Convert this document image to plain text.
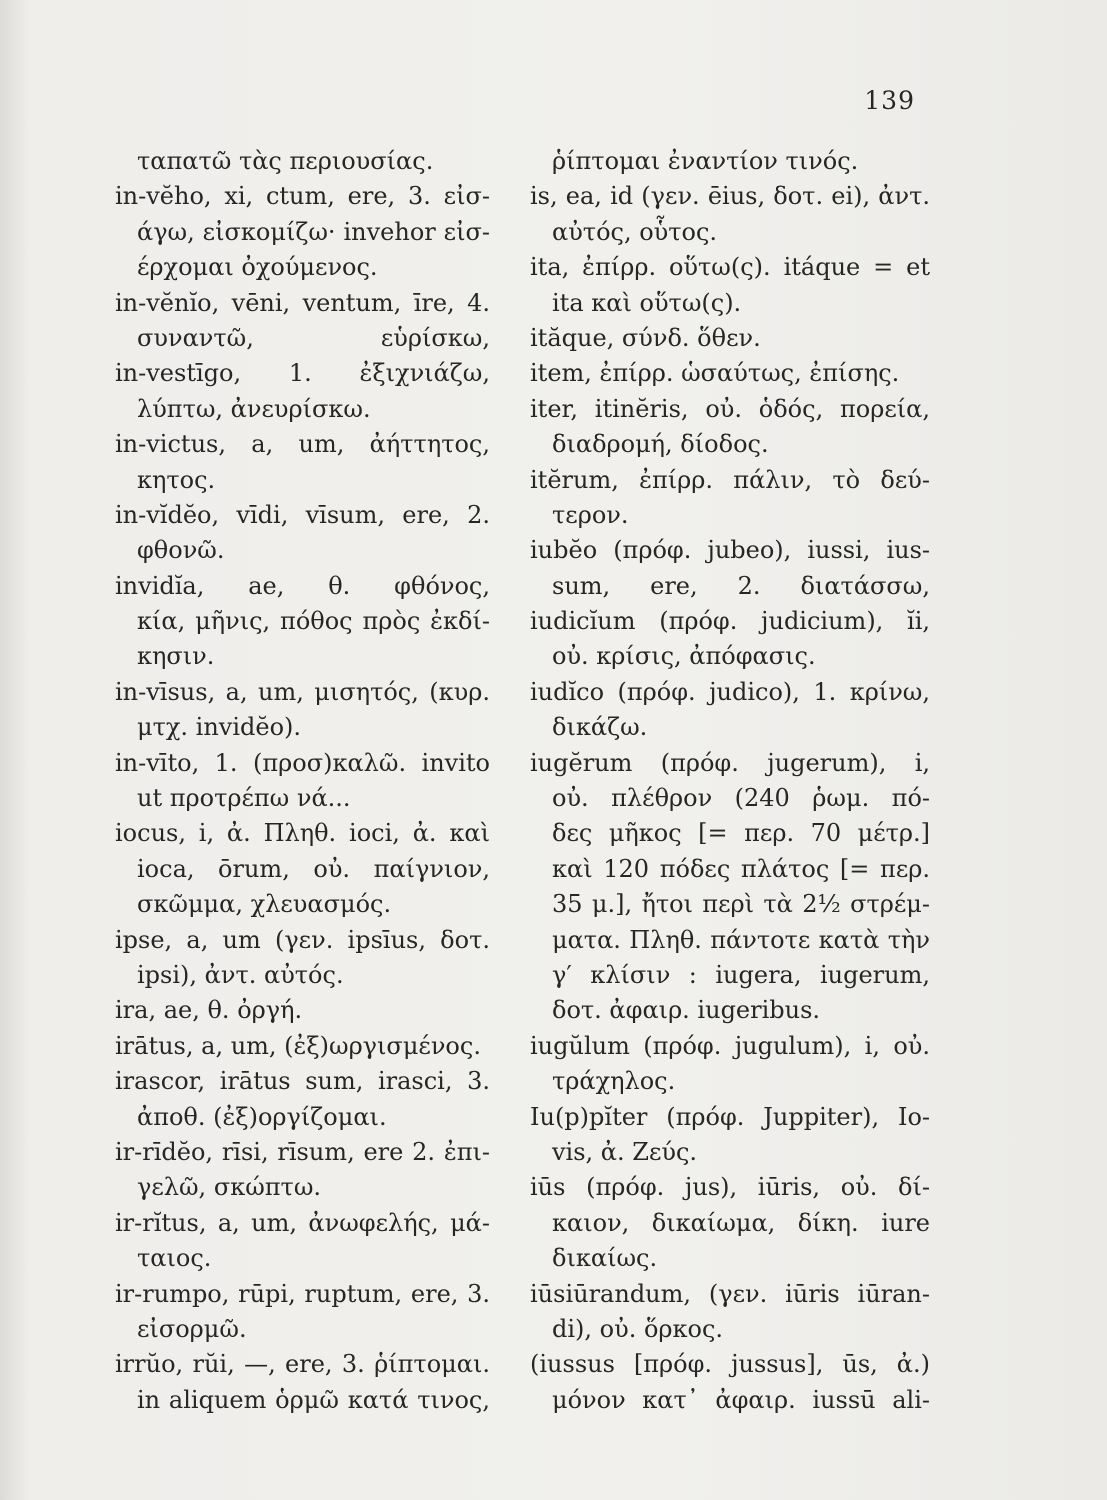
139
ταπατῶ τὰς περιουσίας.
in-vĕho, xi, ctum, ere, 3. εἰσ-
άγω, εἰσκομίζω· invehor εἰσ-
έρχομαι ὀχούμενος.
in-vĕnĭo, vēni, ventum, īre, 4.
συναντῶ, εὑρίσκω,
in-vestīgo, 1. ἐξιχνιάζω,
λύπτω, ἀνευρίσκω.
in-victus, a, um, ἀήττητος,
κητος.
in-vĭdĕo, vīdi, vīsum, ere, 2.
φθονῶ.
invidĭa, ae, θ. φθόνος,
κία, μῆνις, πόθος πρὸς ἐκδί-
κησιν.
in-vīsus, a, um, μισητός, (κυρ.
μτχ. invidĕo).
in-vīto, 1. (προσ)καλῶ. invito
ut προτρέπω νά...
iocus, i, ἀ. Πληθ. ioci, ἀ. καὶ
ioca, ōrum, οὐ. παίγνιον,
σκῶμμα, χλευασμός.
ipse, a, um (γεν. ipsīus, δοτ.
ipsi), ἀντ. αὐτός.
ira, ae, θ. ὀργή.
irātus, a, um, (ἐξ)ωργισμένος.
irascor, irātus sum, irasci, 3.
ἀποθ. (ἐξ)οργίζομαι.
ir-rīdĕo, rīsi, rīsum, ere 2. ἐπι-
γελῶ, σκώπτω.
ir-rĭtus, a, um, ἀνωφελής, μά-
ταιος.
ir-rumpo, rūpi, ruptum, ere, 3.
εἰσορμῶ.
irrŭo, rŭi, —, ere, 3. ῥίπτομαι.
in aliquem ὁρμῶ κατά τινος,
ῥίπτομαι ἐναντίον τινός.
is, ea, id (γεν. ēius, δοτ. ei), ἀντ.
αὐτός, οὗτος.
ita, ἐπίρρ. οὕτω(ς). itáque = et
ita καὶ οὕτω(ς).
ităque, σύνδ. ὅθεν.
item, ἐπίρρ. ὡσαύτως, ἐπίσης.
iter, itinĕris, οὐ. ὁδός, πορεία,
διαδρομή, δίοδος.
itĕrum, ἐπίρρ. πάλιν, τὸ δεύ-
τερον.
iubĕo (πρόφ. jubeo), iussi, ius-
sum, ere, 2. διατάσσω,
iudicĭum (πρόφ. judicium), ĭi,
οὐ. κρίσις, ἀπόφασις.
iudĭco (πρόφ. judico), 1. κρίνω,
δικάζω.
iugĕrum (πρόφ. jugerum), i,
οὐ. πλέθρον (240 ῥωμ. πό-
δες μῆκος [= περ. 70 μέτρ.]
καὶ 120 πόδες πλάτος [= περ.
35 μ.], ἤτοι περὶ τὰ 2½ στρέμ-
ματα. Πληθ. πάντοτε κατὰ τὴν
γ′ κλίσιν : iugera, iugerum,
δοτ. ἀφαιρ. iugeribus.
iugŭlum (πρόφ. jugulum), i, οὐ.
τράχηλος.
Iu(p)pĭter (πρόφ. Juppiter), Io-
vis, ἀ. Ζεύς.
iūs (πρόφ. jus), iūris, οὐ. δί-
καιον, δικαίωμα, δίκη. iure
δικαίως.
iūsiūrandum, (γεν. iūris iūran-
di), οὐ. ὅρκος.
(iussus [πρόφ. jussus], ūs, ἀ.)
μόνον κατ᾽ ἀφαιρ. iussū ali-
